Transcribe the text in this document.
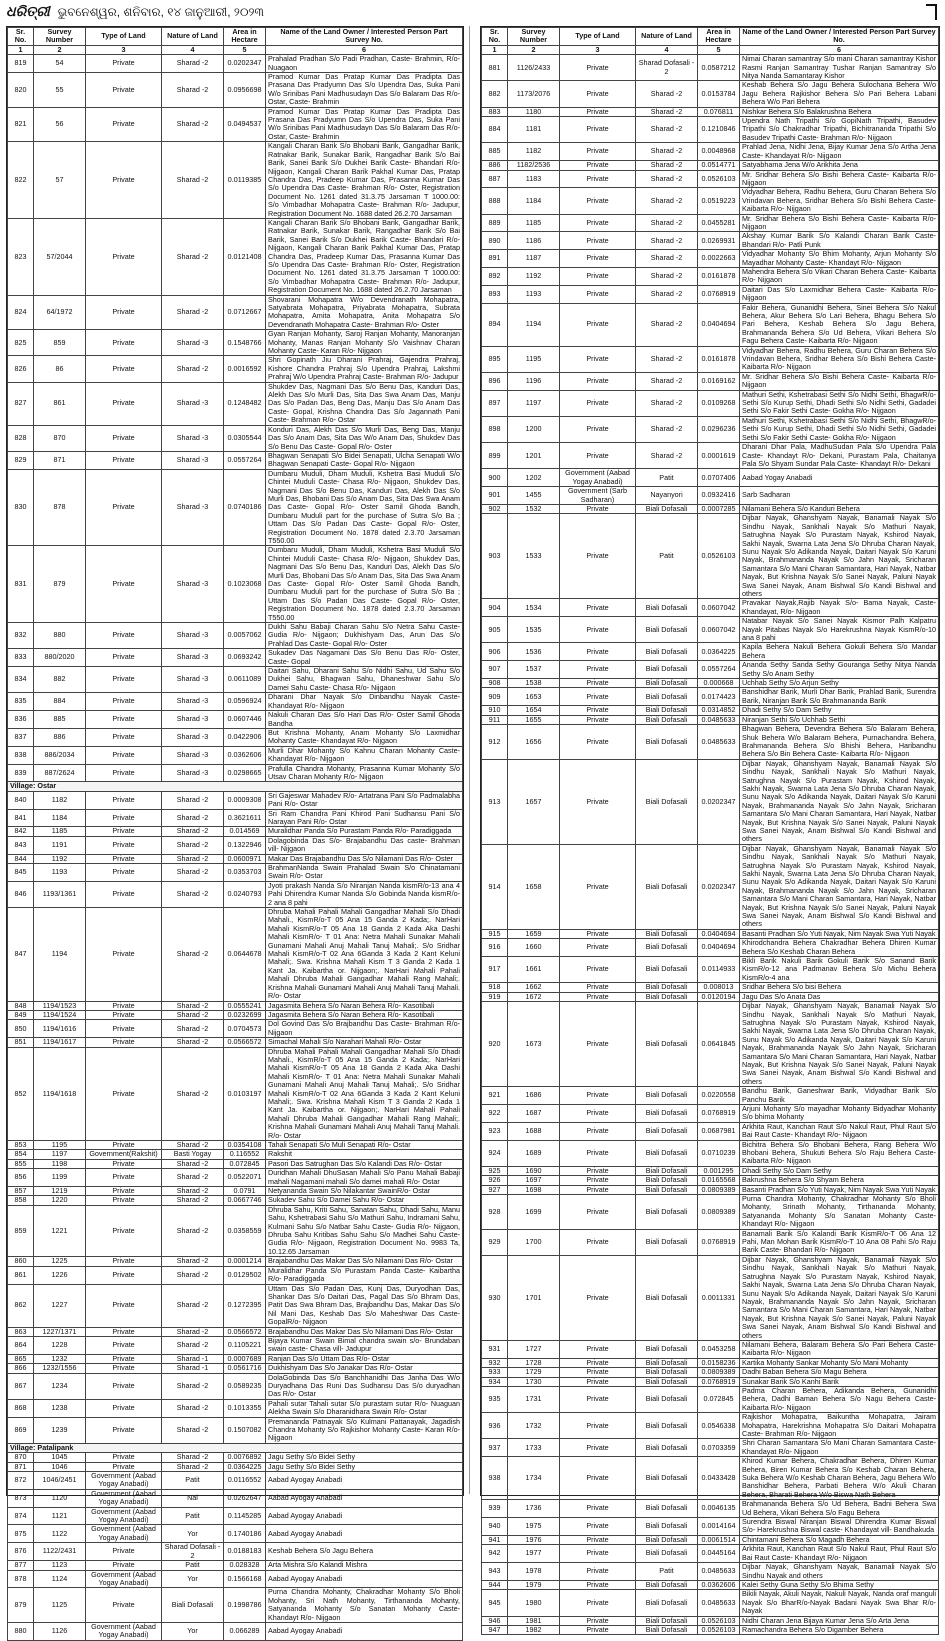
ଧରିତ୍ରୀ ଭୁବନେଶ୍ୱର, ଶନିବାର, ୧୪ ଜାନୁଆରୀ, ୨୦୨୩
Sr. No.	Survey Number	Type of Land	Nature of Land	Area in Hectare	Name of the Land Owner / Interested Person Part Survey No.
1	2	3	4	5	6
819	54	Private	Sharad -2	0.0202347	Prahalad Pradhan S/o Padi Pradhan, Caste- Brahmin, R/o- Nuagaon
820	55	Private	Sharad -2	0.0956698	Pramod Kumar Das Pratap Kumar Das Pradipta Das Prasana Das Pradyumn Das S/o Upendra Das, Suka Pani W/o Srinibas Pani Madhusudayn Das S/o Balaram Das R/o- Ostar, Caste- Brahmin
821	56	Private	Sharad -2	0.0494537	Pramod Kumar Das Pratap Kumar Das Pradipta Das Prasana Das Pradyumn Das S/o Upendra Das, Suka Pani W/o Srinibas Pani Madhusudayn Das S/o Balaram Das R/o- Ostar, Caste- Brahmin
822	57	Private	Sharad -2	0.0119385	Kangali Charan Barik S/o Bhobani Barik, Gangadhar Barik, Ratnakar Barik, Sunakar Barik, Rangadhar Barik S/o Bai Barik, Sanei Barik S/o Dukhei Barik Caste- Bhandari R/o- Nijgaon, Kangali Charan Barik Pakhal Kumar Das, Pratap Chandra Das, Pradeep Kumar Das, Prasanna Kumar Das S/o Upendra Das Caste- Brahman R/o- Oster, Registration Document No. 1261 dated 31.3.75 Jarsaman T 1000.00: S/o Vimbadhar Mohapatra Caste- Brahman R/o- Jadupur, Registration Document No. 1688 dated 26.2.70 Jarsaman
823	57/2044	Private	Sharad -2	0.0121408	Kangali Charan Barik S/o Bhobani Barik, Gangadhar Barik, Ratnakar Barik, Sunakar Barik, Rangadhar Barik S/o Bai Barik, Sanei Barik S/o Dukhei Barik Caste- Bhandari R/o- Nijgaon, Kangali Charan Barik Pakhal Kumar Das, Pratap Chandra Das, Pradeep Kumar Das, Prasanna Kumar Das S/o Upendra Das Caste- Brahman R/o- Oster, Registration Document No. 1261 dated 31.3.75 Jarsaman T 1000.00: S/o Vimbadhar Mohapatra Caste- Brahman R/o- Jadupur, Registration Document No. 1688 dated 26.2.70 Jarsaman
824	64/1972	Private	Sharad -2	0.0712667	Shovarani Mohapatra W/o Devendranath Mohapatra, Satyabrata Mohapatra, Priyabrata Mohapatra, Subrata Mohapatra, Amita Mohapatra, Anita Mohapatra S/o Devendranath Mohapatra Caste- Brahman R/o- Oster
825	859	Private	Sharad -3	0.1548766	Gyan Ranjan Mohanty, Saroj Ranjan Mohanty, Manoranjan Mohanty, Manas Ranjan Mohanty S/o Vaishnav Charan Mohanty Caste- Karan R/o- Nijgaon
826	86	Private	Sharad -2	0.0016592	Shri Gopinath Jiu Dharani Prahraj, Gajendra Prahraj, Kishore Chandra Prahraj S/o Upendra Prahraj, Lakshmi Prahraj W/o Upendra Prahraj Caste- Brahman R/o- Jadupur
827	861	Private	Sharad -3	0.1248482	Shukdev Das, Nagmani Das S/o Benu Das, Kanduri Das, Alekh Das S/o Murli Das, Sita Das Swa Anam Das, Manju Das S/o Padan Das, Beng Das, Manju Das S/o Anam Das Caste- Gopal, Krishna Chandra Das S/o Jagannath Pani Caste- Brahman R/o- Ostar
828	870	Private	Sharad -3	0.0305544	Konduri Das, Alekh Das S/o Murli Das, Beng Das, Manju Das S/o Anam Das, Sita Das W/o Anam Das, Shukdev Das S/o Benu Das Caste- Gopal R/o- Oster
829	871	Private	Sharad -3	0.0557264	Bhagwan Senapati S/o Bidei Senapati, Ulcha Senapati W/o Bhagwan Senapati Caste- Gopal R/o- Nijgaon
830	878	Private	Sharad -3	0.0740186	Dumbaru Muduli, Dham Muduli, Kshetra Basi Muduli S/o Chintei Muduli Caste- Chasa R/o- Nijgaon, Shukdev Das, Nagmani Das S/o Benu Das, Kanduri Das, Alekh Das S/o Murli Das, Bhobani Das S/o Anam Das, Sita Das Swa Anam Das Caste- Gopal R/o- Oster Samil Ghoda Bandh, Dumbaru Muduli part for the purchase of Sutra S/o Ba ; Uttam Das S/o Padan Das Caste- Gopal R/o- Oster, Registration Document No. 1878 dated 2.3.70 Jarsaman T550.00
831	879	Private	Sharad -3	0.1023068	Dumbaru Muduli, Dham Muduli, Kshetra Basi Muduli S/o Chintei Muduli Caste- Chasa R/o- Nijgaon, Shukdev Das, Nagmani Das S/o Benu Das, Kanduri Das, Alekh Das S/o Murli Das, Bhobani Das S/o Anam Das, Sita Das Swa Anam Das Caste- Gopal R/o- Oster Samil Ghoda Bandh, Dumbaru Muduli part for the purchase of Sutra S/o Ba ; Uttam Das S/o Padan Das Caste- Gopal R/o- Oster, Registration Document No. 1878 dated 2.3.70 Jarsaman T550.00
832	880	Private	Sharad -3	0.0057062	Dukhi Sahu Babaji Charan Sahu S/o Netra Sahu Caste- Gudia R/o- Nijgaon; Dukhishyam Das, Arun Das S/o Prahlad Das Caste- Gopal R/o- Oster
833	880/2020	Private	Sharad -3	0.0693242	Sukadev Das Nagamani Das S/o Benu Das R/o- Oster, Caste- Gopal
834	882	Private	Sharad -3	0.0611089	Daitari Sahu, Dharani Sahu S/o Nidhi Sahu, Ud Sahu S/o Dukhei Sahu, Bhagwan Sahu, Dhaneshwar Sahu S/o Damei Sahu Caste- Chasa R/o- Nijgaon
835	884	Private	Sharad -3	0.0596924	Dharani Dhar Nayak S/o Dinbandhu Nayak Caste- Khandayat R/o- Nijgaon
836	885	Private	Sharad -3	0.0607446	Nakuli Charan Das S/o Hari Das R/o- Oster Samil Ghoda Bandha
837	886	Private	Sharad -3	0.0422906	But Krishna Mohanty, Anam Mohanty S/o Laxmidhar Mohanty Caste- Khandayat R/o- Nijgaon
838	886/2034	Private	Sharad -3	0.0362606	Murli Dhar Mohanty S/o Kahnu Charan Mohanty Caste- Khandayat R/o- Nijgaon
839	887/2624	Private	Sharad -3	0.0298665	Prafulla Chandra Mohanty, Prasanna Kumar Mohanty S/o Utsav Charan Mohanty R/o- Nijgaon
Village: Ostar					
840	1182	Private	Sharad -2	0.0009308	Sri Gajeswar Mahadev R/o- Artatrana Pani S/o Padmalabha Pani R/o- Ostar
841	1184	Private	Sharad -2	0.3621611	Sri Ram Chandra Pani Khirod Pani Sudhansu Pani S/o Narayan Pani R/o- Ostar
842	1185	Private	Sharad -2	0.014569	Muralidhar Panda S/o Purastam Panda R/o- Paradiggada
843	1191	Private	Sharad -2	0.1322946	Dolagobinda Das S/o- Brajabandhu Das caste- Brahman vill- Nijgaon
844	1192	Private	Sharad -2	0.0600971	Makar Das Brajabandhu Das S/o Nilamani Das R/o- Oster
845	1193	Private	Sharad -2	0.0353703	BrahmanNanda Swain Prahalad Swain S/o Chinatamani Swain R/o- Ostar
846	1193/1361	Private	Sharad -2	0.0240793	Jyoti prakash Nanda S/o Niranjan Nanda kismR/o-13 ana 4 Pahi Dhirendra Kumar Nanda S/o Gobinda Nanda kismR/o-2 ana 8 pahi
847	1194	Private	Sharad -2	0.0644678	Dhruba Mahali Pahali Mahali Gangadhar Mahali S/o Dhadi Mahali., KismR/o-T 05 Ana 15 Ganda 2 Kada;. NarHari Mahali KismR/o-T 05 Ana 18 Ganda 2 Kada Aka Dashi Mahali KismR/o- T 01 Ana: Netra Mahali Sunakar Mahali Gunamani Mahali Anuj Mahali Tanuj Mahali;. S/o Sridhar Mahali KismR/o-T 02 Ana 6Ganda 3 Kada 2 Kant Keluni Mahali;. Swa. Krishna Mahali Kism T 3 Ganda 2 Kada 1 Kant Ja. Kaibartha or. Nijgaon;. NarHari Mahali Pahali Mahali Dhruba Mahali Gangadhar Mahali Rang Mahali;. Krishna Mahali Gunamani Mahali Anuj Mahali Tanuj Mahali. R/o- Ostar
848	1194/1523	Private	Sharad -2	0.0555241	Jagasmita Behera S/o Naran Behera R/o- Kasotibali
849	1194/1524	Private	Sharad -2	0.0232699	Jagasmita Behera S/o Naran Behera R/o- Kasotibali
850	1194/1616	Private	Sharad -2	0.0704573	Dol Govind Das S/o Brajbandhu Das Caste- Brahman R/o- Nijgaon
851	1194/1617	Private	Sharad -2	0.0566572	Simachal Mahali S/o Narahari Mahali R/o- Ostar
852	1194/1618	Private	Sharad -2	0.0103197	Dhruba Mahali Pahali Mahali Gangadhar Mahali S/o Dhadi Mahali., KismR/o-T 05 Ana 15 Ganda 2 Kada;. NarHari Mahali KismR/o-T 05 Ana 18 Ganda 2 Kada Aka Dashi Mahali KismR/o- T 01 Ana: Netra Mahali Sunakar Mahali Gunamani Mahali Anuj Mahali Tanuj Mahali;. S/o Sridhar Mahali KismR/o-T 02 Ana 6Ganda 3 Kada 2 Kant Keluni Mahali;. Swa. Krishna Mahali Kism T 3 Ganda 2 Kada 1 Kant Ja. Kaibartha or. Nijgaon;. NarHari Mahali Pahali Mahali Dhruba Mahali Gangadhar Mahali Rang Mahali;. Krishna Mahali Gunamani Mahali Anuj Mahali Tanuj Mahali. R/o- Ostar
853	1195	Private	Sharad -2	0.0354108	Tahali Senapati S/o Muli Senapati R/o- Ostar
854	1197	Government(Rakshit)	Basti Yogay	0.116552	Rakshit
855	1198	Private	Sharad -2	0.072845	Pasori Das Satrughan Das S/o Kalandi Das R/o- Ostar
856	1199	Private	Sharad -2	0.0522071	Duridhan Mahali DhuSasan Mahali S/o Panu Mahali Babaji mahali Nagamani mahali S/o damei mahali R/o- Ostar
857	1219	Private	Sharad -2	0.0791	Netyananda Swain S/o Nilakantar SwainR/o- Ostar
858	1220	Private	Sharad -2	0.0667746	Sukadev Sahu S/o Damei Sahu R/o- Ostar
859	1221	Private	Sharad -2	0.0358559	Dhruba Sahu, Kriti Sahu, Sanatan Sahu, Dhadi Sahu, Manu Sahu, Kshetrabasi Sahu S/o Mathuri Sahu, Indramani Sahu, Kulmani Sahu S/o Natbar Sahu Caste- Gudia R/o- Nijgaon, Dhruba Sahu Kritibas Sahu Sahu S/o Madhei Sahu Caste- Gudia R/o- Nijgaon, Registration Document No. 9983 Ta, 10.12.65 Jarsaman
860	1225	Private	Sharad -2	0.0001214	Brajabandhu Das Makar Das S/o Nilamani Das R/o- Ostar
861	1226	Private	Sharad -2	0.0129502	Muralidhar Panda S/o Purastam Panda Caste- Kaibartha R/o- Paradiggada
862	1227	Private	Sharad -2	0.1272395	Uttam Das S/o Padan Das, Kunj Das, Duryodhan Das, Shankar Das S/o Daitari Das, Pagal Das S/o Bhram Das, Patit Das Swa Bhram Das, Brajbandhu Das, Makar Das S/o Nil Mani Das, Keshab Das S/o Maheshwar Das Caste- GopalR/o- Nijgaon
863	1227/1371	Private	Sharad -2	0.0566572	Brajabandhu Das Makar Das S/o Nilamani Das R/o- Ostar
864	1228	Private	Sharad -2	0.1105221	Bijaya Kumar Swain Bimal chandra swain s/o- Brundaban swain caste- Chasa vill- Jadupur
865	1232	Private	Sharad -1	0.0007689	Ranjan Das S/o Uttam Das R/o- Ostar
866	1232/1556	Private	Sharad -1	0.0561716	Dukhishyam Das S/o Janakar Das R/o- Ostar
867	1234	Private	Sharad -2	0.0589235	DolaGobinda Das S/o Banchhanidhi Das Janha Das W/o Duryadhana Das Runi Das Sudhansu Das S/o duryadhan Das R/o- Ostar
868	1238	Private	Sharad -2	0.1013355	Pahali sutar Tahali sutar S/o purastam sutar R/o- Nuaguan Alekha Swain S/o Dharanidhara Swain R/o- Ostar
869	1239	Private	Sharad -2	0.1507082	Premananda Patnayak S/o Kulmani Pattanayak, Jagadish Chandra Mohanty S/o Rajkishor Mohanty Caste- Karan R/o- Nijgaon
Village: Patalipank					
870	1045	Private	Sharad -2	0.0076892	Jagu Sethy S/o Bidei Sethy
871	1046	Private	Sharad -2	0.0364225	Jagu Sethy S/o Bidei Sethy
872	1046/2451	Government (Aabad Yogay Anabadi)	Patit	0.0116552	Aabad Ayogay Anabadi
873	1120	Government (Aabad Yogay Anabadi)	Nal	0.0262647	Aabad Ayogay Anabadi
874	1121	Government (Aabad Yogay Anabadi)	Patit	0.1145285	Aabad Ayogay Anabadi
875	1122	Government (Aabad Yogay Anabadi)	Yor	0.1740186	Aabad Ayogay Anabadi
876	1122/2431	Private	Sharad Dofasali - 2	0.0188183	Keshab Behera S/o Jagu Behera
877	1123	Private	Patit	0.028328	Arta Mishra S/o Kalandi Mishra
878	1124	Government (Aabad Yogay Anabadi)	Yor	0.1566168	Aabad Ayogay Anabadi
879	1125	Private	Biali Dofasali	0.1998786	Purna Chandra Mohanty, Chakradhar Mohanty S/o Bholi Mohanty, Sri Nath Mohanty, Tirthananda Mohanty, Satyananda Mohanty S/o Sanatan Mohanty Caste- Khandayt R/o- Nijgaon
880	1126	Government (Aabad Yogay Anabadi)	Yor	0.066289	Aabad Ayogay Anabadi
Sr. No.	Survey Number	Type of Land	Nature of Land	Area in Hectare	Name of the Land Owner / Interested Person Part Survey No.
1	2	3	4	5	6
881	1126/2433	Private	Sharad Dofasali - 2	0.0587212	Nimai Charan samantray S/o mani Charan samantray Kishor Rasmi Ranjan Samantray Tushar Ranjan Samantray S/o Nitya Nanda Samantaray Kishor
882	1173/2076	Private	Sharad -2	0.0153784	Keshab Behera S/o Jagu Behera Sulochana Behera W/o Jagu Behera Rajkishor Behera S/o Pari Behera Labani Behera W/o Pari Behera
883	1180	Private	Sharad -2	0.076811	Nishkar Behera S/o Balakrushna Behera
884	1181	Private	Sharad -2	0.1210846	Upendra Nath Tripathi S/o GopiNath Tripathi, Basudev Tripathi S/o Chakradhar Tripathi, Bichitrananda Tripathi S/o Basudev Tripathi Caste- Brahman R/o- Nijgaon
885	1182	Private	Sharad -2	0.0048968	Prahlad Jena, Nidhi Jena, Bijay Kumar Jena S/o Artha Jena Caste- Khandayat R/o- Nijgaon
886	1182/2536	Private	Sharad -2	0.0514771	Satyabhama Jena W/o Arikhita Jena
887	1183	Private	Sharad -2	0.0526103	Mr. Sridhar Behera S/o Bishi Behera Caste- Kaibarta R/o- Nijgaon
888	1184	Private	Sharad -2	0.0519223	Vidyadhar Behera, Radhu Behera, Guru Charan Behera S/o Vrindavan Behera, Sridhar Behera S/o Bishi Behera Caste- Kaibarta R/o- Nijgaon
889	1185	Private	Sharad -2	0.0455281	Mr. Sridhar Behera S/o Bishi Behera Caste- Kaibarta R/o- Nijgaon
890	1186	Private	Sharad -2	0.0269931	Akshay Kumar Barik S/o Kalandi Charan Barik Caste- Bhandari R/o- Patli Punk
891	1187	Private	Sharad -2	0.0022663	Vidyadhar Mohanty S/o Bhim Mohanty, Arjun Mohanty S/o Mayadhar Mohanty Caste- Khandayt R/o- Nijgaon
892	1192	Private	Sharad -2	0.0161878	Mahendra Behera S/o Vikari Charan Behera Caste- Kaibarta R/o- Nijgaon
893	1193	Private	Sharad -2	0.0768919	Daitari Das S/o Laxmidhar Behera Caste- Kaibarta R/o- Nijgaon
894	1194	Private	Sharad -2	0.0404694	Fakir Behera, Gunanidhi Behera, Sinei Behera S/o Nakul Behera, Akur Behera S/o Lari Behera, Bhagu Behera S/o Pari Behera, Keshab Behera S/o Jagu Behera, Brahmananda Behera S/o Ud Behera, Vikari Behera S/o Fagu Behera Caste- Kaibarta R/o- Nijgaon
895	1195	Private	Sharad -2	0.0161878	Vidyadhar Behera, Radhu Behera, Guru Charan Behera S/o Vrindavan Behera, Sridhar Behera S/o Bishi Behera Caste- Kaibarta R/o- Nijgaon
896	1196	Private	Sharad -2	0.0169162	Mr. Sridhar Behera S/o Bishi Behera Caste- Kaibarta R/o- Nijgaon
897	1197	Private	Sharad -2	0.0109268	Mathuri Sethi, Kshetrabasi Sethi S/o Nidhi Sethi, BhagwR/o- Sethi S/o Kurup Sethi, Dhadi Sethi S/o Nidhi Sethi, Gadadei Sethi S/o Fakir Sethi Caste- Gokha R/o- Nijgaon
898	1200	Private	Sharad -2	0.0296236	Mathuri Sethi, Kshetrabasi Sethi S/o Nidhi Sethi, BhagwR/o- Sethi S/o Kurup Sethi, Dhadi Sethi S/o Nidhi Sethi, Gadadei Sethi S/o Fakir Sethi Caste- Gokha R/o- Nijgaon
899	1201	Private	Sharad -2	0.0001619	Dharani Dhar Pala, MadhuSudan Pala S/o Upendra Pala Caste- Khandayt R/o- Dekani, Purastam Pala, Chaitanya Pala S/o Shyam Sundar Pala Caste- Khandayt R/o- Dekani
900	1202	Government (Aabad Yogay Anabadi)	Patit	0.0707406	Aabad Yogay Anabadi
901	1455	Government (Sarb Sadharan)	Nayanyori	0.0932416	Sarb Sadharan
902	1532	Private	Biali Dofasali	0.0007285	Nilamani Behera S/o Kanduri Behera
903	1533	Private	Patit	0.0526103	Dijbar Nayak, Ghanshyam Nayak, Banamali Nayak S/o Sindhu Nayak, Sankhali Nayak S/o Mathuri Nayak, Satrughna Nayak S/o Purastam Nayak, Kshirod Nayak, Sakhi Nayak, Swarna Lata Jena S/o Dhruba Charan Nayak, Sunu Nayak S/o Adikanda Nayak, Daitari Nayak S/o Karuni Nayak, Brahmananda Nayak S/o Jahn Nayak, Sricharan Samantara S/o Mani Charan Samantara, Hari Nayak, Natbar Nayak, But Krishna Nayak S/o Sanei Nayak, Paluni Nayak Swa Sanei Nayak, Anam Bishwal S/o Kandi Bishwal and others
904	1534	Private	Biali Dofasali	0.0607042	Pravakar Nayak,Rajib Nayak S/o- Bama Nayak, Caste- Khandayat, R/o- Nijgaon
905	1535	Private	Biali Dofasali	0.0607042	Natabar Nayak S/o Sanei Nayak Kismor Palh Kalpatru Nayak Pitabas Nayak S/o Harekrushna Nayak KismR/o-10 ana 8 pahi
906	1536	Private	Biali Dofasali	0.0364225	Kapila Behera Nakuli Behera Gokuli Behera S/o Mandar Behera
907	1537	Private	Biali Dofasali	0.0557264	Ananda Sethy Sanda Sethy Gouranga Sethy Nitya Nanda Sethy S/o Anam Sethy
908	1538	Private	Biali Dofasali	0.000668	Uchhab Sethy S/o Arjun Sethy
909	1653	Private	Biali Dofasali	0.0174423	Banshidhar Barik, Murli Dhar Barik, Prahlad Barik, Surendra Barik, Niranjan Barik S/o Brahmananda Barik
910	1654	Private	Biali Dofasali	0.0314852	Dhadi Sethy S/o Dam Sethy
911	1655	Private	Biali Dofasali	0.0485633	Niranjan Sethi S/o Uchhab Sethi
912	1656	Private	Biali Dofasali	0.0485633	Bhagwan Behera, Devendra Behera S/o Balaram Behera, Shuk Behera W/o Balaram Behera, Purnachandra Behera, Brahmananda Behera S/o Bhishi Behera, Haribandhu Behera S/o Bin Behera Caste- Kaibarta R/o- Nijgaon
913	1657	Private	Biali Dofasali	0.0202347	Dijbar Nayak, Ghanshyam Nayak, Banamali Nayak S/o Sindhu Nayak, Sankhali Nayak S/o Mathuri Nayak, Satrughna Nayak S/o Purastam Nayak, Kshirod Nayak, Sakhi Nayak, Swarna Lata Jena S/o Dhruba Charan Nayak, Sunu Nayak S/o Adikanda Nayak, Daitari Nayak S/o Karuni Nayak, Brahmananda Nayak S/o Jahn Nayak, Sricharan Samantara S/o Mani Charan Samantara, Hari Nayak, Natbar Nayak, But Krishna Nayak S/o Sanei Nayak, Paluni Nayak Swa Sanei Nayak, Anam Bishwal S/o Kandi Bishwal and others
914	1658	Private	Biali Dofasali	0.0202347	Dijbar Nayak, Ghanshyam Nayak, Banamali Nayak S/o Sindhu Nayak, Sankhali Nayak S/o Mathuri Nayak, Satrughna Nayak S/o Purastam Nayak, Kshirod Nayak, Sakhi Nayak, Swarna Lata Jena S/o Dhruba Charan Nayak, Sunu Nayak S/o Adikanda Nayak, Daitari Nayak S/o Karuni Nayak, Brahmananda Nayak S/o Jahn Nayak, Sricharan Samantara S/o Mani Charan Samantara, Hari Nayak, Natbar Nayak, But Krishna Nayak S/o Sanei Nayak, Paluni Nayak Swa Sanei Nayak, Anam Bishwal S/o Kandi Bishwal and others
915	1659	Private	Biali Dofasali	0.0404694	Basanti Pradhan S/o Yuti Nayak, Nim Nayak Swa Yuti Nayak
916	1660	Private	Biali Dofasali	0.0404694	Khirodchandra Behera Chakradhar Behera Dhiren Kumar Behera S/o Keshab Charan Behera
917	1661	Private	Biali Dofasali	0.0114933	Bikli Barik Nakuli Barik Gokuli Barik S/o Sanand Barik KismR/o-12 ana Padmanav Behera S/o Michu Behera KismR/o-4 ana
918	1662	Private	Biali Dofasali	0.008013	Sridhar Behera S/o bisi Behera
919	1672	Private	Biali Dofasali	0.0120194	Jagu Das S/o Anata Das
920	1673	Private	Biali Dofasali	0.0641845	Dijbar Nayak, Ghanshyam Nayak, Banamali Nayak S/o Sindhu Nayak, Sankhali Nayak S/o Mathuri Nayak, Satrughna Nayak S/o Purastam Nayak, Kshirod Nayak, Sakhi Nayak, Swarna Lata Jena S/o Dhruba Charan Nayak, Sunu Nayak S/o Adikanda Nayak, Daitari Nayak S/o Karuni Nayak, Brahmananda Nayak S/o Jahn Nayak, Sricharan Samantara S/o Mani Charan Samantara, Hari Nayak, Natbar Nayak, But Krishna Nayak S/o Sanei Nayak, Paluni Nayak Swa Sanei Nayak, Anam Bishwal S/o Kandi Bishwal and others
921	1686	Private	Biali Dofasali	0.0220558	Bandhu Barik, Ganeshwar Barik, Vidyadhar Barik S/o Panchu Barik
922	1687	Private	Biali Dofasali	0.0768919	Arjuni Mohanty S/o mayadhar Mohanty Bidyadhar Mohanty S/o bhima Mohanty
923	1688	Private	Biali Dofasali	0.0687981	Arkhita Raut, Kanchan Raut S/o Nakul Raut, Phul Raut S/o Bai Raut Caste- Khandayt R/o- Nijgaon
924	1689	Private	Biali Dofasali	0.0710239	Bichitra Behera S/o Bhobani Behera, Rang Behera W/o Bhobani Behera, Shukuti Behera S/o Raju Behera Caste- Kaibarta R/o- Nijgaon
925	1690	Private	Biali Dofasali	0.001295	Dhadi Sethy S/o Dam Sethy
926	1697	Private	Biali Dofasali	0.0165568	Bakrushna Behera S/o Shyam Behera
927	1698	Private	Biali Dofasali	0.0809389	Basanti Pradhan S/o Yuti Nayak, Nim Nayak Swa Yuti Nayak
928	1699	Private	Biali Dofasali	0.0809389	Purna Chandra Mohanty, Chakradhar Mohanty S/o Bholi Mohanty, Srinath Mohanty, Tirthananda Mohanty, Satyananda Mohanty S/o Sanatan Mohanty Caste- Khandayt R/o- Nijgaon
929	1700	Private	Biali Dofasali	0.0768919	Banamali Barik S/o Kalandi Barik KismR/o-T 06 Ana 12 Pahi, Man Mohan Barik KismR/o-T 10 Ana 08 Pahi S/o Raju Barik Caste- Bhandari R/o- Nijgaon
930	1701	Private	Biali Dofasali	0.0011331	Dijbar Nayak, Ghanshyam Nayak, Banamali Nayak S/o Sindhu Nayak, Sankhali Nayak S/o Mathuri Nayak, Satrughna Nayak S/o Purastam Nayak, Kshirod Nayak, Sakhi Nayak, Swarna Lata Jena S/o Dhruba Charan Nayak, Sunu Nayak S/o Adikanda Nayak, Daitari Nayak S/o Karuni Nayak, Brahmananda Nayak S/o Jahn Nayak, Sricharan Samantara S/o Mani Charan Samantara, Hari Nayak, Natbar Nayak, But Krishna Nayak S/o Sanei Nayak, Paluni Nayak Swa Sanei Nayak, Anam Bishwal S/o Kandi Bishwal and others
931	1727	Private	Biali Dofasali	0.0453258	Nilamani Behera, Balaram Behera S/o Pari Behera Caste- Kaibarta R/o- Nijgaon
932	1728	Private	Biali Dofasali	0.0158236	Kartika Mohanty Sankar Mohanty S/o Mani Mohanty
933	1729	Private	Biali Dofasali	0.0809389	Dadhi Baban Behera S/o Magu Behera
934	1730	Private	Biali Dofasali	0.0768919	Sunakar Barik S/o Kanhi Barik
935	1731	Private	Biali Dofasali	0.072845	Padma Charan Behera, Adikanda Behera, Gunanidhi Behera, Dadhi Baman Behera S/o Nagu Behera Caste- Kaibarta R/o- Nijgaon
936	1732	Private	Biali Dofasali	0.0546338	Rajkishor Mohapatra, Baikuntha Mohapatra, Jairam Mohapatra, Harekrishna Mohapatra S/o Daitari Mohapatra Caste- Brahman R/o- Nijgaon
937	1733	Private	Biali Dofasali	0.0703359	Shri Charan Samantara S/o Mani Charan Samantara Caste- Khandayat R/o- Nijgaon
938	1734	Private	Biali Dofasali	0.0433428	Khirod Kumar Behera, Chakradhar Behera, Dhiren Kumar Behera, Biren Kumar Behera S/o Keshab Charan Behera, Suka Behera W/o Keshab Charan Behera, Jagu Behera W/o Banshidhar Behera, Parbati Behera W/o Akuli Charan Behera, Bharati Behera W/o Biswa Nath Behera
939	1736	Private	Biali Dofasali	0.0046135	Brahmananda Behera S/o Ud Behera, Badni Behera Swa Ud Behera, Vikari Behera S/o Fagu Behera
940	1975	Private	Biali Dofasali	0.0014164	Surendra Biswal Niranjan Biswal Dhirendra Kumar Biswal S/o- Harekrushna Biswal caste- Khandayat vill- Bandhakuda
941	1976	Private	Biali Dofasali	0.0061514	Chintamani Behera S/o Magadh Behera
942	1977	Private	Biali Dofasali	0.0445164	Arkhita Raut, Kanchan Raut S/o Nakul Raut, Phul Raut S/o Bai Raut Caste- Khandayt R/o- Nijgaon
943	1978	Private	Patit	0.0485633	Dijbar Nayak, Ghanshyam Nayak, Banamali Nayak S/o Sindhu Nayak and others
944	1979	Private	Biali Dofasali	0.0362606	Kalei Sethy Guna Sethy S/o Bhima Sethy
945	1980	Private	Biali Dofasali	0.0485633	Bikili Nayak, Akuli Nayak, Nakuli Nayak, Nanda oraf manguli Nayak S/o BharR/o-Nayak Badani Nayak Swa Bhar R/o- Nayak
946	1981	Private	Biali Dofasali	0.0526103	Nidhi Charan Jena Bijaya Kumar Jena S/o Arta Jena
947	1982	Private	Biali Dofasali	0.0526103	Ramachandra Behera S/o Digamber Behera
